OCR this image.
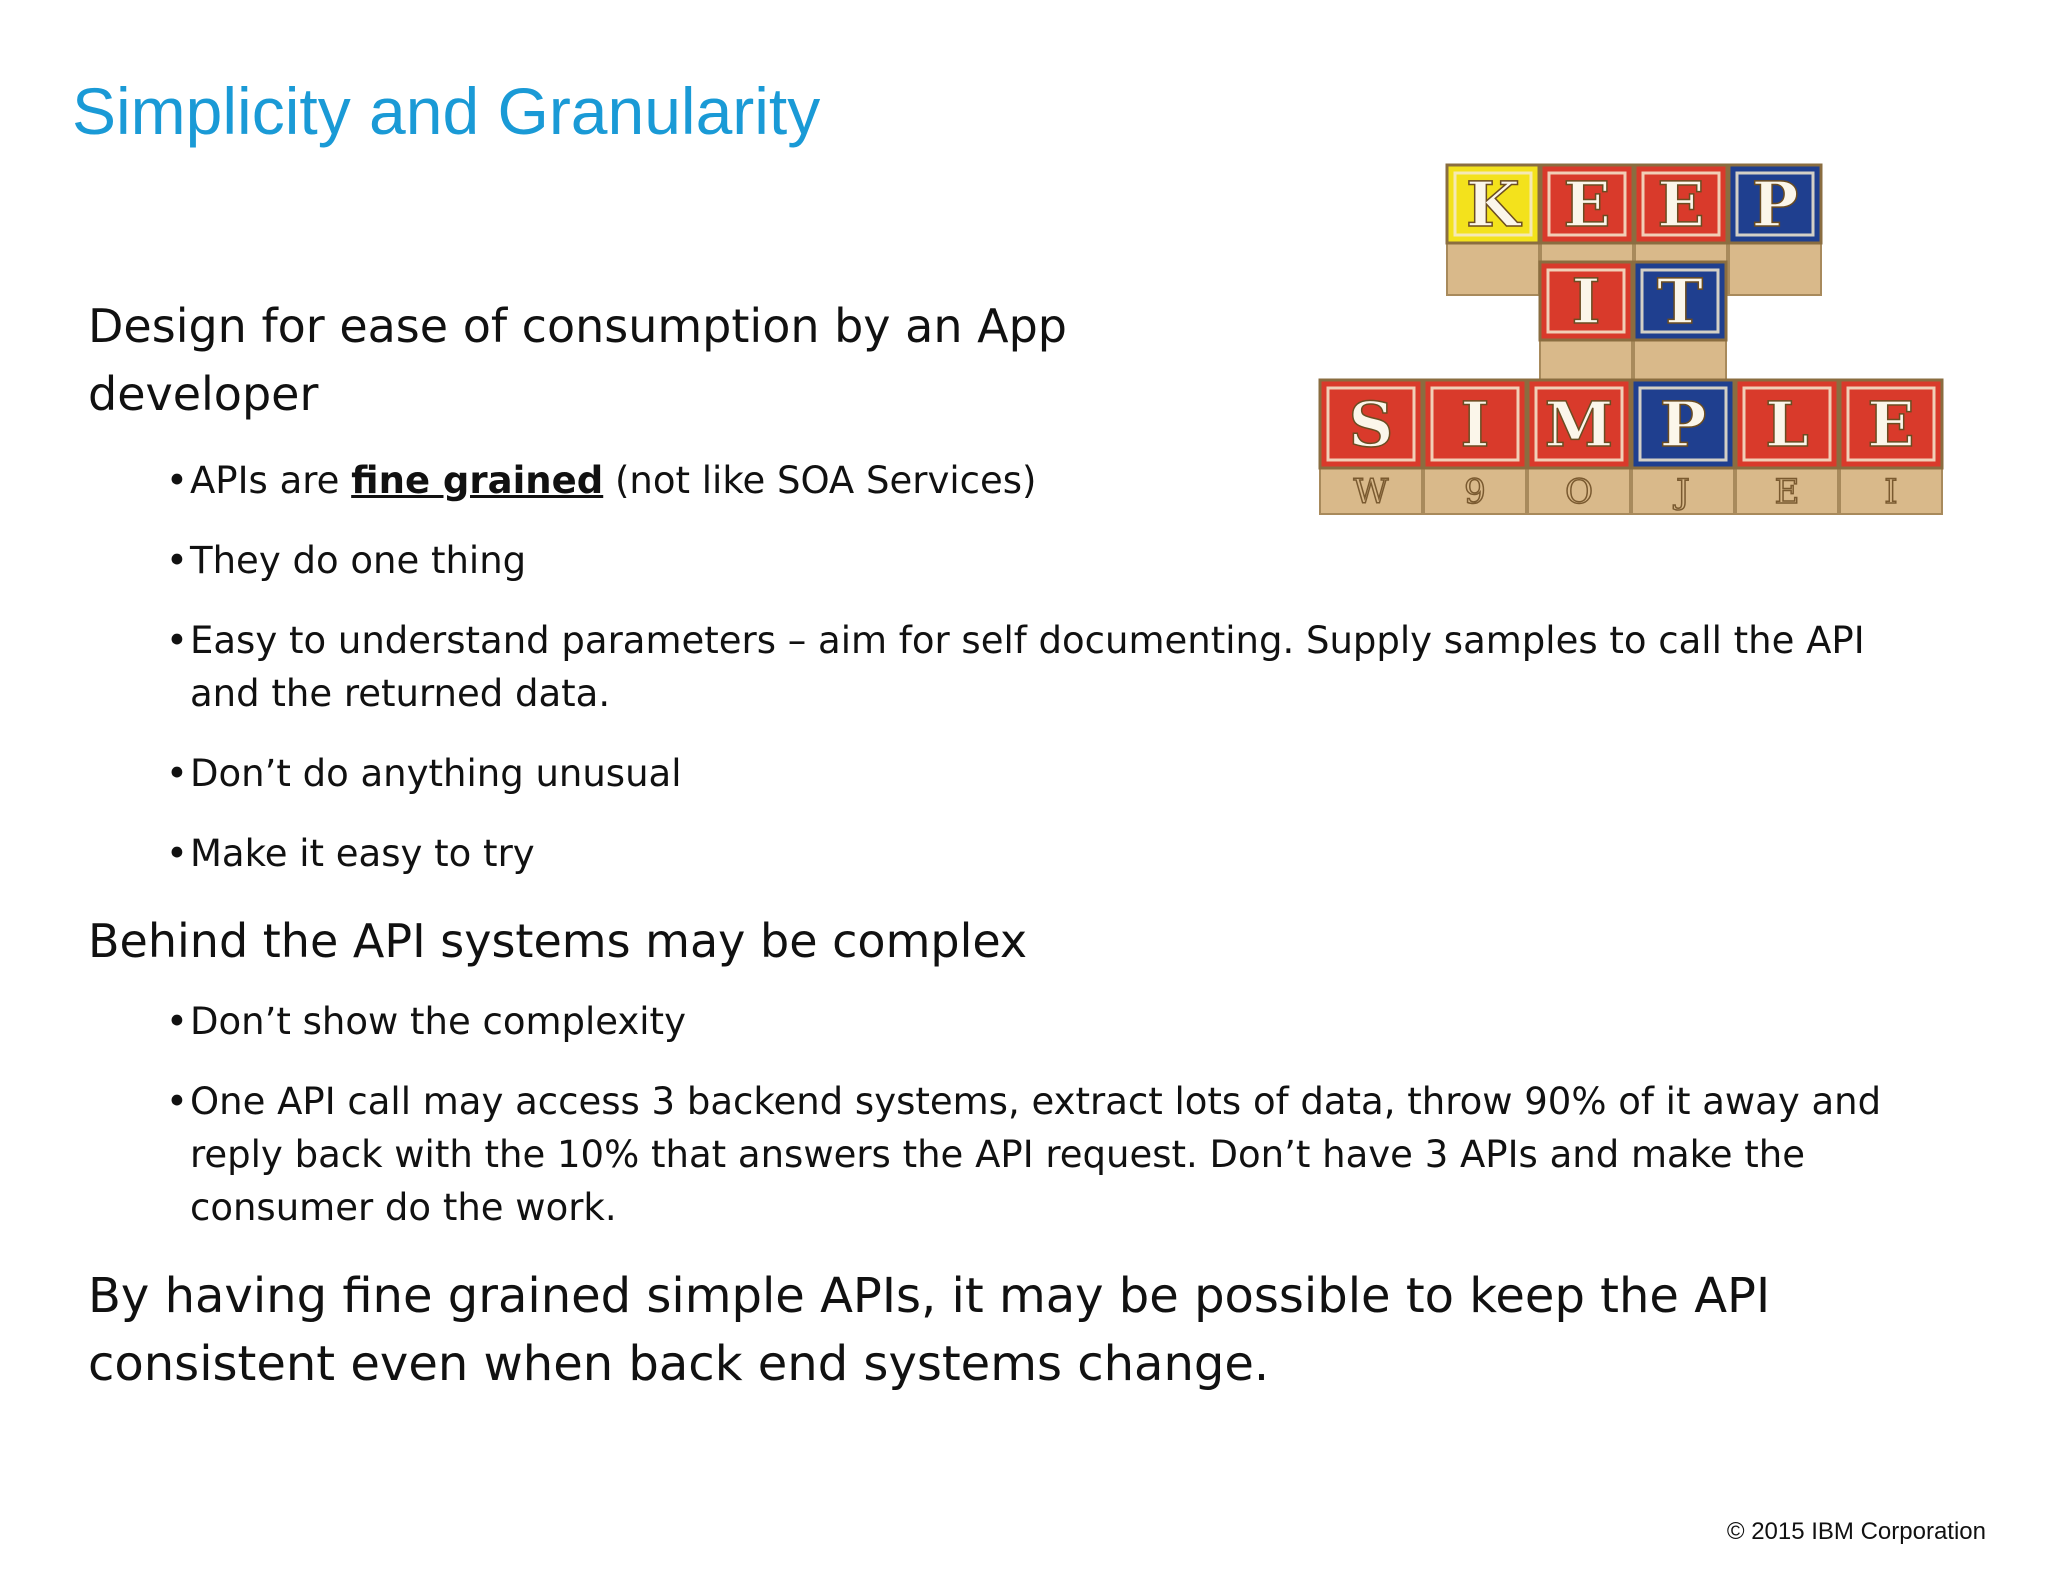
Simplicity and Granularity
Design for ease of consumption by an App developer
•APIs are fine grained (not like SOA Services)
•They do one thing
•Easy to understand parameters – aim for self documenting. Supply samples to call the API and the returned data.
•Don’t do anything unusual
•Make it easy to try
Behind the API systems may be complex
•Don’t show the complexity
•One API call may access 3 backend systems, extract lots of data, throw 90% of it away and reply back with the 10% that answers the API request. Don’t have 3 APIs and make the consumer do the work.
By having fine grained simple APIs, it may be possible to keep the API consistent even when back end systems change.
K E E P
I T
S
W
I
9
M
O
P
J
L
E
E
I
© 2015 IBM Corporation
